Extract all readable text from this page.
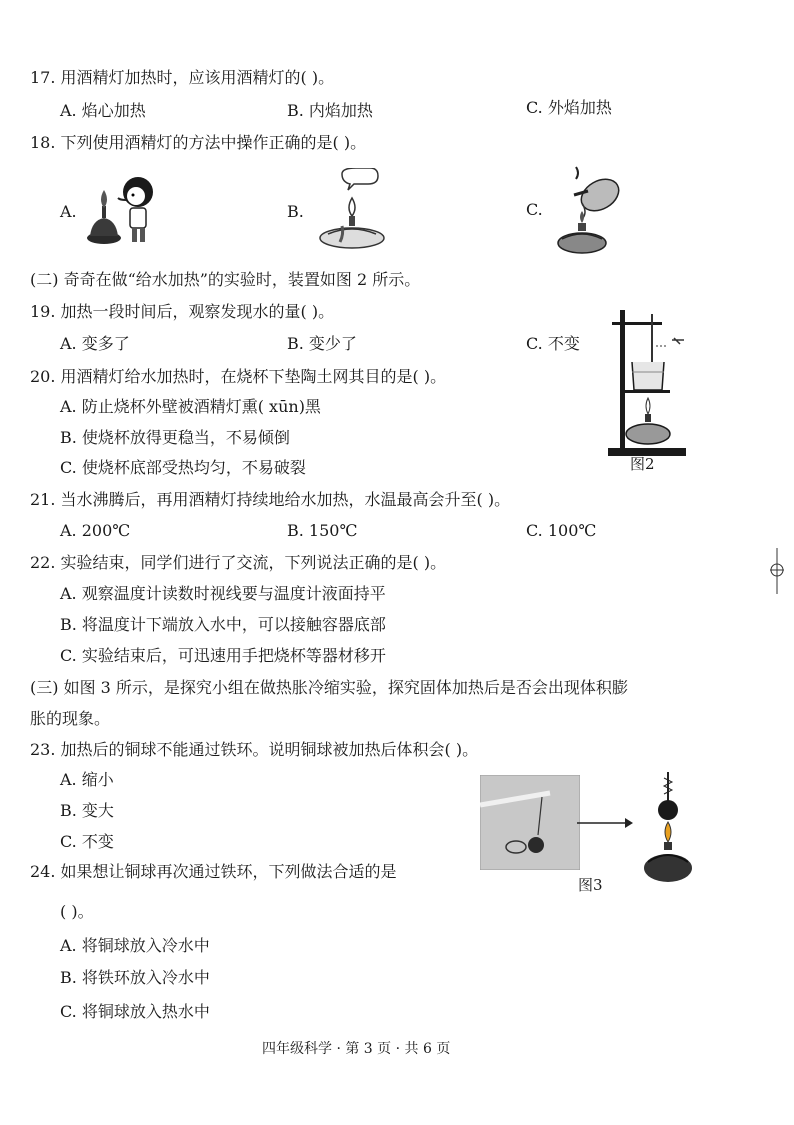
17. 用酒精灯加热时，应该用酒精灯的( )。
A. 焰心加热	B. 内焰加热	C. 外焰加热
18. 下列使用酒精灯的方法中操作正确的是( )。
A.	B.	C.
(二) 奇奇在做“给水加热”的实验时，装置如图 2 所示。
19. 加热一段时间后，观察发现水的量( )。
A. 变多了	B. 变少了	C. 不变
图2
20. 用酒精灯给水加热时，在烧杯下垫陶土网其目的是( )。
A. 防止烧杯外壁被酒精灯熏( xūn)黑
B. 使烧杯放得更稳当，不易倾倒
C. 使烧杯底部受热均匀，不易破裂
21. 当水沸腾后，再用酒精灯持续地给水加热，水温最高会升至( )。
A. 200℃	B. 150℃	C. 100℃
22. 实验结束，同学们进行了交流，下列说法正确的是( )。
A. 观察温度计读数时视线要与温度计液面持平
B. 将温度计下端放入水中，可以接触容器底部
C. 实验结束后，可迅速用手把烧杯等器材移开
(三) 如图 3 所示，是探究小组在做热胀冷缩实验，探究固体加热后是否会出现体积膨
胀的现象。
23. 加热后的铜球不能通过铁环。说明铜球被加热后体积会( )。
A. 缩小
B. 变大
C. 不变
图3
24. 如果想让铜球再次通过铁环，下列做法合适的是
( )。
A. 将铜球放入冷水中
B. 将铁环放入冷水中
C. 将铜球放入热水中
四年级科学 · 第 3 页 · 共 6 页
